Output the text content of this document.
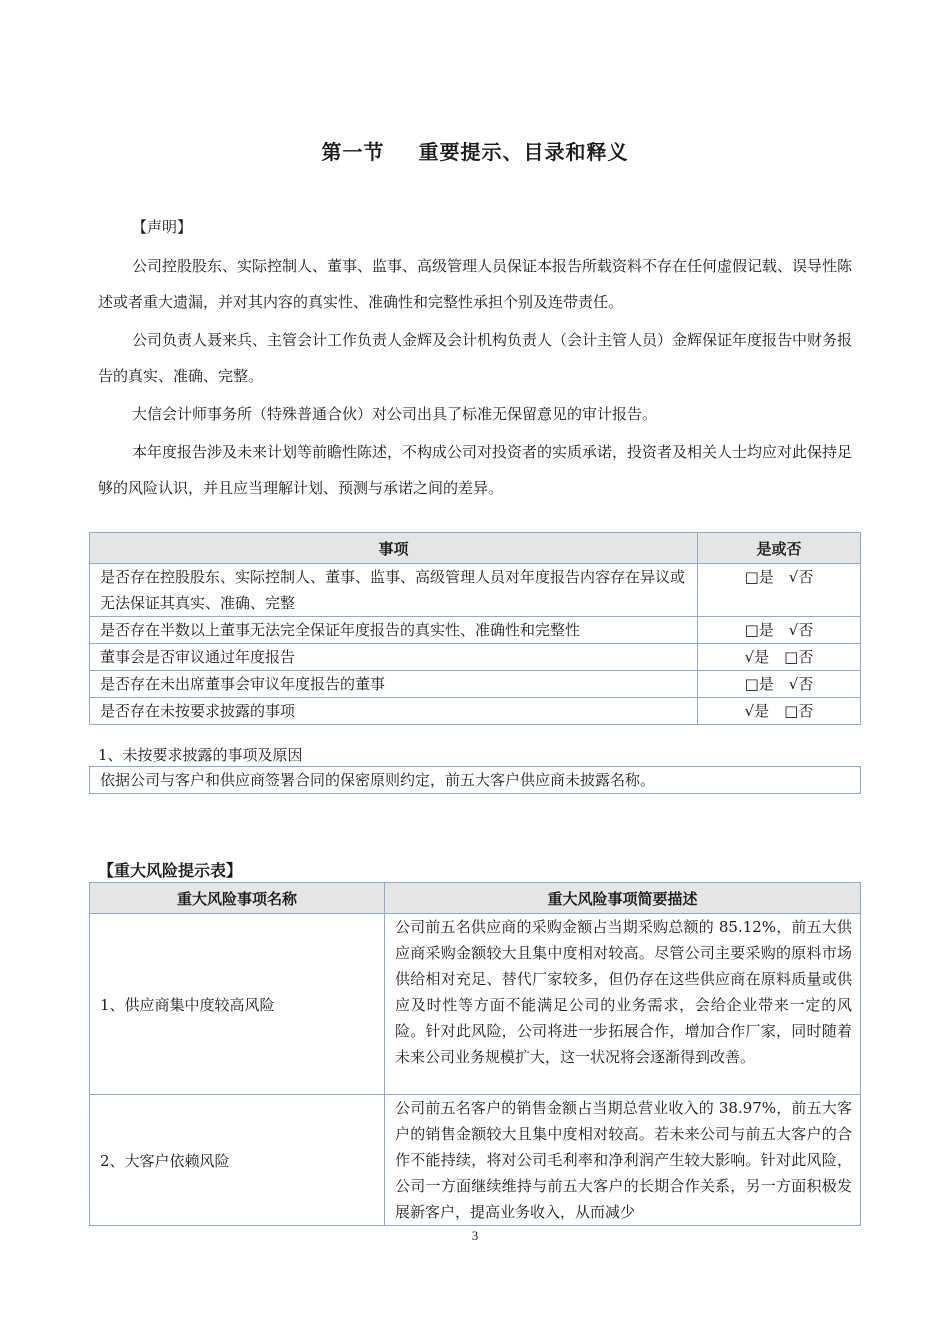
第一节 重要提示、目录和释义
【声明】
公司控股股东、实际控制人、董事、监事、高级管理人员保证本报告所载资料不存在任何虚假记载、误导性陈述或者重大遗漏，并对其内容的真实性、准确性和完整性承担个别及连带责任。
公司负责人聂来兵、主管会计工作负责人金辉及会计机构负责人（会计主管人员）金辉保证年度报告中财务报告的真实、准确、完整。
大信会计师事务所（特殊普通合伙）对公司出具了标准无保留意见的审计报告。
本年度报告涉及未来计划等前瞻性陈述，不构成公司对投资者的实质承诺，投资者及相关人士均应对此保持足够的风险认识，并且应当理解计划、预测与承诺之间的差异。
事项	是或否
是否存在控股股东、实际控制人、董事、监事、高级管理人员对年度报告内容存在异议或无法保证其真实、准确、完整	□是　√否
是否存在半数以上董事无法完全保证年度报告的真实性、准确性和完整性	□是　√否
董事会是否审议通过年度报告	√是　□否
是否存在未出席董事会审议年度报告的董事	□是　√否
是否存在未按要求披露的事项	√是　□否
1、未按要求披露的事项及原因
依据公司与客户和供应商签署合同的保密原则约定，前五大客户供应商未披露名称。
【重大风险提示表】
重大风险事项名称	重大风险事项简要描述
1、供应商集中度较高风险	公司前五名供应商的采购金额占当期采购总额的 85.12%，前五大供应商采购金额较大且集中度相对较高。尽管公司主要采购的原料市场供给相对充足、替代厂家较多，但仍存在这些供应商在原料质量或供应及时性等方面不能满足公司的业务需求，会给企业带来一定的风险。针对此风险，公司将进一步拓展合作，增加合作厂家，同时随着未来公司业务规模扩大，这一状况将会逐渐得到改善。
2、大客户依赖风险	公司前五名客户的销售金额占当期总营业收入的 38.97%，前五大客户的销售金额较大且集中度相对较高。若未来公司与前五大客户的合作不能持续，将对公司毛利率和净利润产生较大影响。针对此风险，公司一方面继续维持与前五大客户的长期合作关系，另一方面积极发展新客户，提高业务收入，从而减少
3
